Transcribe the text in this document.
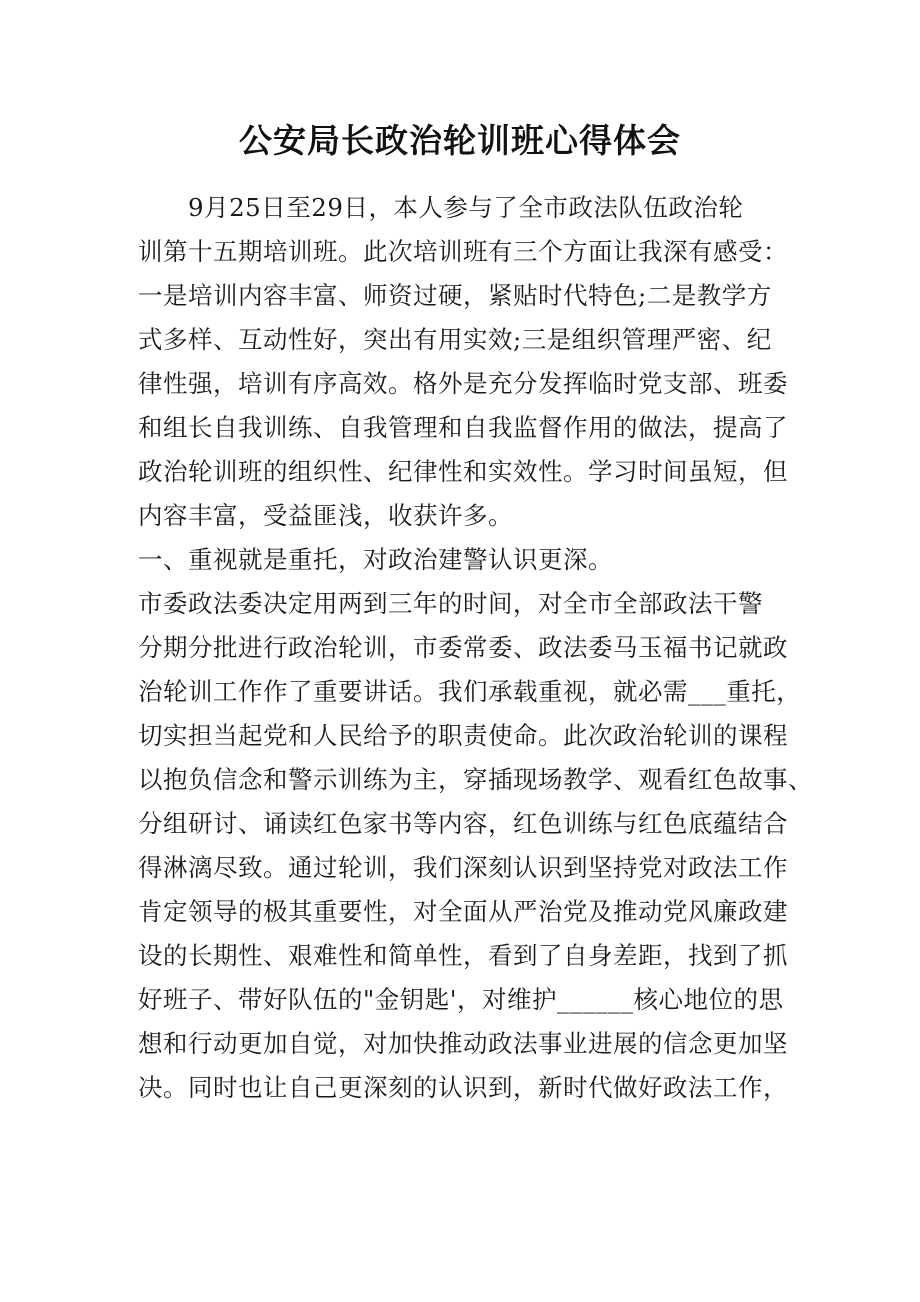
公安局长政治轮训班心得体会
　　9月25日至29日，本人参与了全市政法队伍政治轮
训第十五期培训班。此次培训班有三个方面让我深有感受：
一是培训内容丰富、师资过硬，紧贴时代特色;二是教学方
式多样、互动性好，突出有用实效;三是组织管理严密、纪
律性强，培训有序高效。格外是充分发挥临时党支部、班委
和组长自我训练、自我管理和自我监督作用的做法，提高了
政治轮训班的组织性、纪律性和实效性。学习时间虽短，但
内容丰富，受益匪浅，收获许多。
一、重视就是重托，对政治建警认识更深。
市委政法委决定用两到三年的时间，对全市全部政法干警
分期分批进行政治轮训，市委常委、政法委马玉福书记就政
治轮训工作作了重要讲话。我们承载重视，就必需___重托，
切实担当起党和人民给予的职责使命。此次政治轮训的课程
以抱负信念和警示训练为主，穿插现场教学、观看红色故事、
分组研讨、诵读红色家书等内容，红色训练与红色底蕴结合
得淋漓尽致。通过轮训，我们深刻认识到坚持党对政法工作
肯定领导的极其重要性，对全面从严治党及推动党风廉政建
设的长期性、艰难性和简单性，看到了自身差距，找到了抓
好班子、带好队伍的"金钥匙'，对维护______核心地位的思
想和行动更加自觉，对加快推动政法事业进展的信念更加坚
决。同时也让自己更深刻的认识到，新时代做好政法工作，
